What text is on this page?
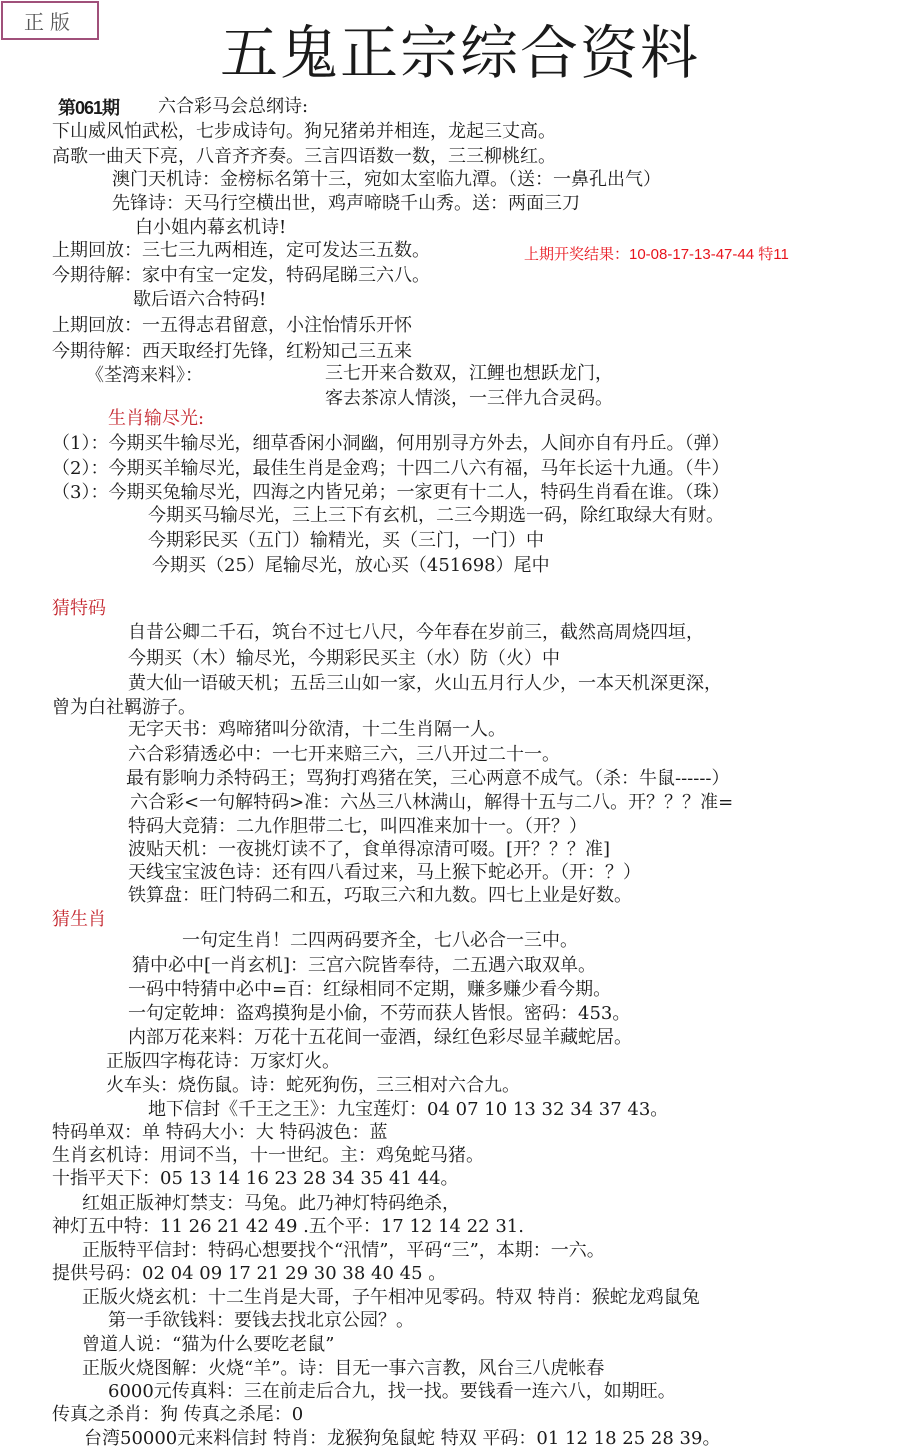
正版	五鬼正宗综合资料
第061期
上期开奖结果：10-08-17-13-47-44 特11
六合彩马会总纲诗:
下山威风怕武松，七步成诗句。狗兄猪弟并相连，龙起三丈高。
高歌一曲天下亮，八音齐齐奏。三言四语数一数，三三柳桃红。
澳门天机诗：金榜标名第十三，宛如太室临九潭。（送：一鼻孔出气）
先锋诗：天马行空横出世，鸡声啼晓千山秀。送：两面三刀
白小姐内幕玄机诗!
上期回放：三七三九两相连，定可发达三五数。
今期待解：家中有宝一定发，特码尾睇三六八。
歇后语六合特码!
上期回放：一五得志君留意，小注怡情乐开怀
今期待解：西天取经打先锋，红粉知己三五来
《荃湾来料》：	三七开来合数双，江鲤也想跃龙门，
客去茶凉人情淡，一三伴九合灵码。
（1）：今期买牛输尽光，细草香闲小洞幽，何用别寻方外去，人间亦自有丹丘。（弹）
（2）：今期买羊输尽光，最佳生肖是金鸡；十四二八六有福，马年长运十九通。（牛）
（3）：今期买兔输尽光，四海之内皆兄弟；一家更有十二人，特码生肖看在谁。（珠）
今期买马输尽光，三上三下有玄机，二三今期选一码，除红取绿大有财。
今期彩民买（五门）输精光，买（三门，一门）中
今期买（25）尾输尽光，放心买（451698）尾中
自昔公卿二千石，筑台不过七八尺，今年春在岁前三，截然高周烧四垣，
今期买（木）输尽光，今期彩民买主（水）防（火）中
黄大仙一语破天机；五岳三山如一家，火山五月行人少，一本天机深更深，
曾为白社羁游子。
无字天书：鸡啼猪叫分欲清，十二生肖隔一人。
六合彩猜透必中：一七开来赔三六，三八开过二十一。
最有影响力杀特码王；骂狗打鸡猪在笑，三心两意不成气。（杀：牛鼠------）
六合彩<一句解特码>准：六丛三八林满山，解得十五与二八。开？？？准=
特码大竞猜：二九作胆带二七，叫四准来加十一。（开？）
波贴天机：一夜挑灯读不了，食单得凉清可啜。[开？？？准]
天线宝宝波色诗：还有四八看过来，马上猴下蛇必开。（开：？）
铁算盘：旺门特码二和五，巧取三六和九数。四七上业是好数。
一句定生肖！二四两码要齐全，七八必合一三中。
猜中必中[一肖玄机]：三宫六院皆奉待，二五遇六取双单。
一码中特猜中必中=百：红绿相同不定期，赚多赚少看今期。
一句定乾坤：盗鸡摸狗是小偷，不劳而获人皆恨。密码：453。
内部万花来料：万花十五花间一壶酒，绿红色彩尽显羊藏蛇居。
正版四字梅花诗：万家灯火。
火车头：烧伤鼠。诗：蛇死狗伤，三三相对六合九。
地下信封《千王之王》：九宝莲灯：04 07 10 13 32 34 37 43。
特码单双：单 特码大小：大 特码波色：蓝
生肖玄机诗：用词不当，十一世纪。主：鸡兔蛇马猪。
十指平天下：05 13 14 16 23 28 34 35 41 44。
红姐正版神灯禁支：马兔。此乃神灯特码绝杀，
神灯五中特：11 26 21 42 49 .五个平：17 12 14 22 31.
正版特平信封：特码心想要找个“汛情”，平码“三”，本期：一六。
提供号码：02 04 09 17 21 29 30 38 40 45 。
正版火烧玄机：十二生肖是大哥，子午相冲见零码。特双 特肖：猴蛇龙鸡鼠兔
第一手欲钱料：要钱去找北京公园？。
曾道人说：“猫为什么要吃老鼠”
正版火烧图解：火烧“羊”。诗：目无一事六言教，风台三八虎帐春
6000元传真料：三在前走后合九，找一找。要钱看一连六八，如期旺。
传真之杀肖：狗 传真之杀尾：0
台湾50000元来料信封 特肖：龙猴狗兔鼠蛇 特双 平码：01 12 18 25 28 39。
生肖输尽光:
猜特码
猜生肖
